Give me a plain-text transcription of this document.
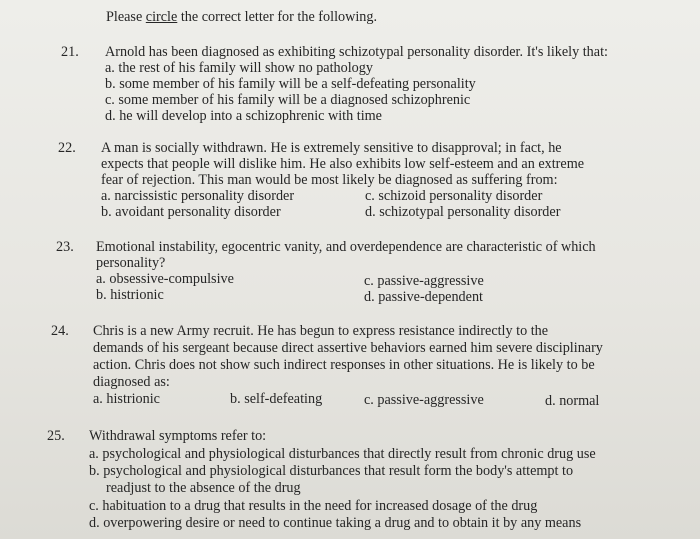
Please circle the correct letter for the following.
21. Arnold has been diagnosed as exhibiting schizotypal personality disorder. It's likely that:
a. the rest of his family will show no pathology
b. some member of his family will be a self-defeating personality
c. some member of his family will be a diagnosed schizophrenic
d. he will develop into a schizophrenic with time
22. A man is socially withdrawn. He is extremely sensitive to disapproval; in fact, he
expects that people will dislike him. He also exhibits low self-esteem and an extreme
fear of rejection. This man would be most likely be diagnosed as suffering from:
a. narcissistic personality disorder	c. schizoid personality disorder
b. avoidant personality disorder	d. schizotypal personality disorder
23. Emotional instability, egocentric vanity, and overdependence are characteristic of which
personality?
a. obsessive-compulsive	c. passive-aggressive
b. histrionic	d. passive-dependent
24. Chris is a new Army recruit. He has begun to express resistance indirectly to the
demands of his sergeant because direct assertive behaviors earned him severe disciplinary
action. Chris does not show such indirect responses in other situations. He is likely to be
diagnosed as:
a. histrionic	b. self-defeating	c. passive-aggressive	d. normal
25. Withdrawal symptoms refer to:
a. psychological and physiological disturbances that directly result from chronic drug use
b. psychological and physiological disturbances that result form the body's attempt to
readjust to the absence of the drug
c. habituation to a drug that results in the need for increased dosage of the drug
d. overpowering desire or need to continue taking a drug and to obtain it by any means
